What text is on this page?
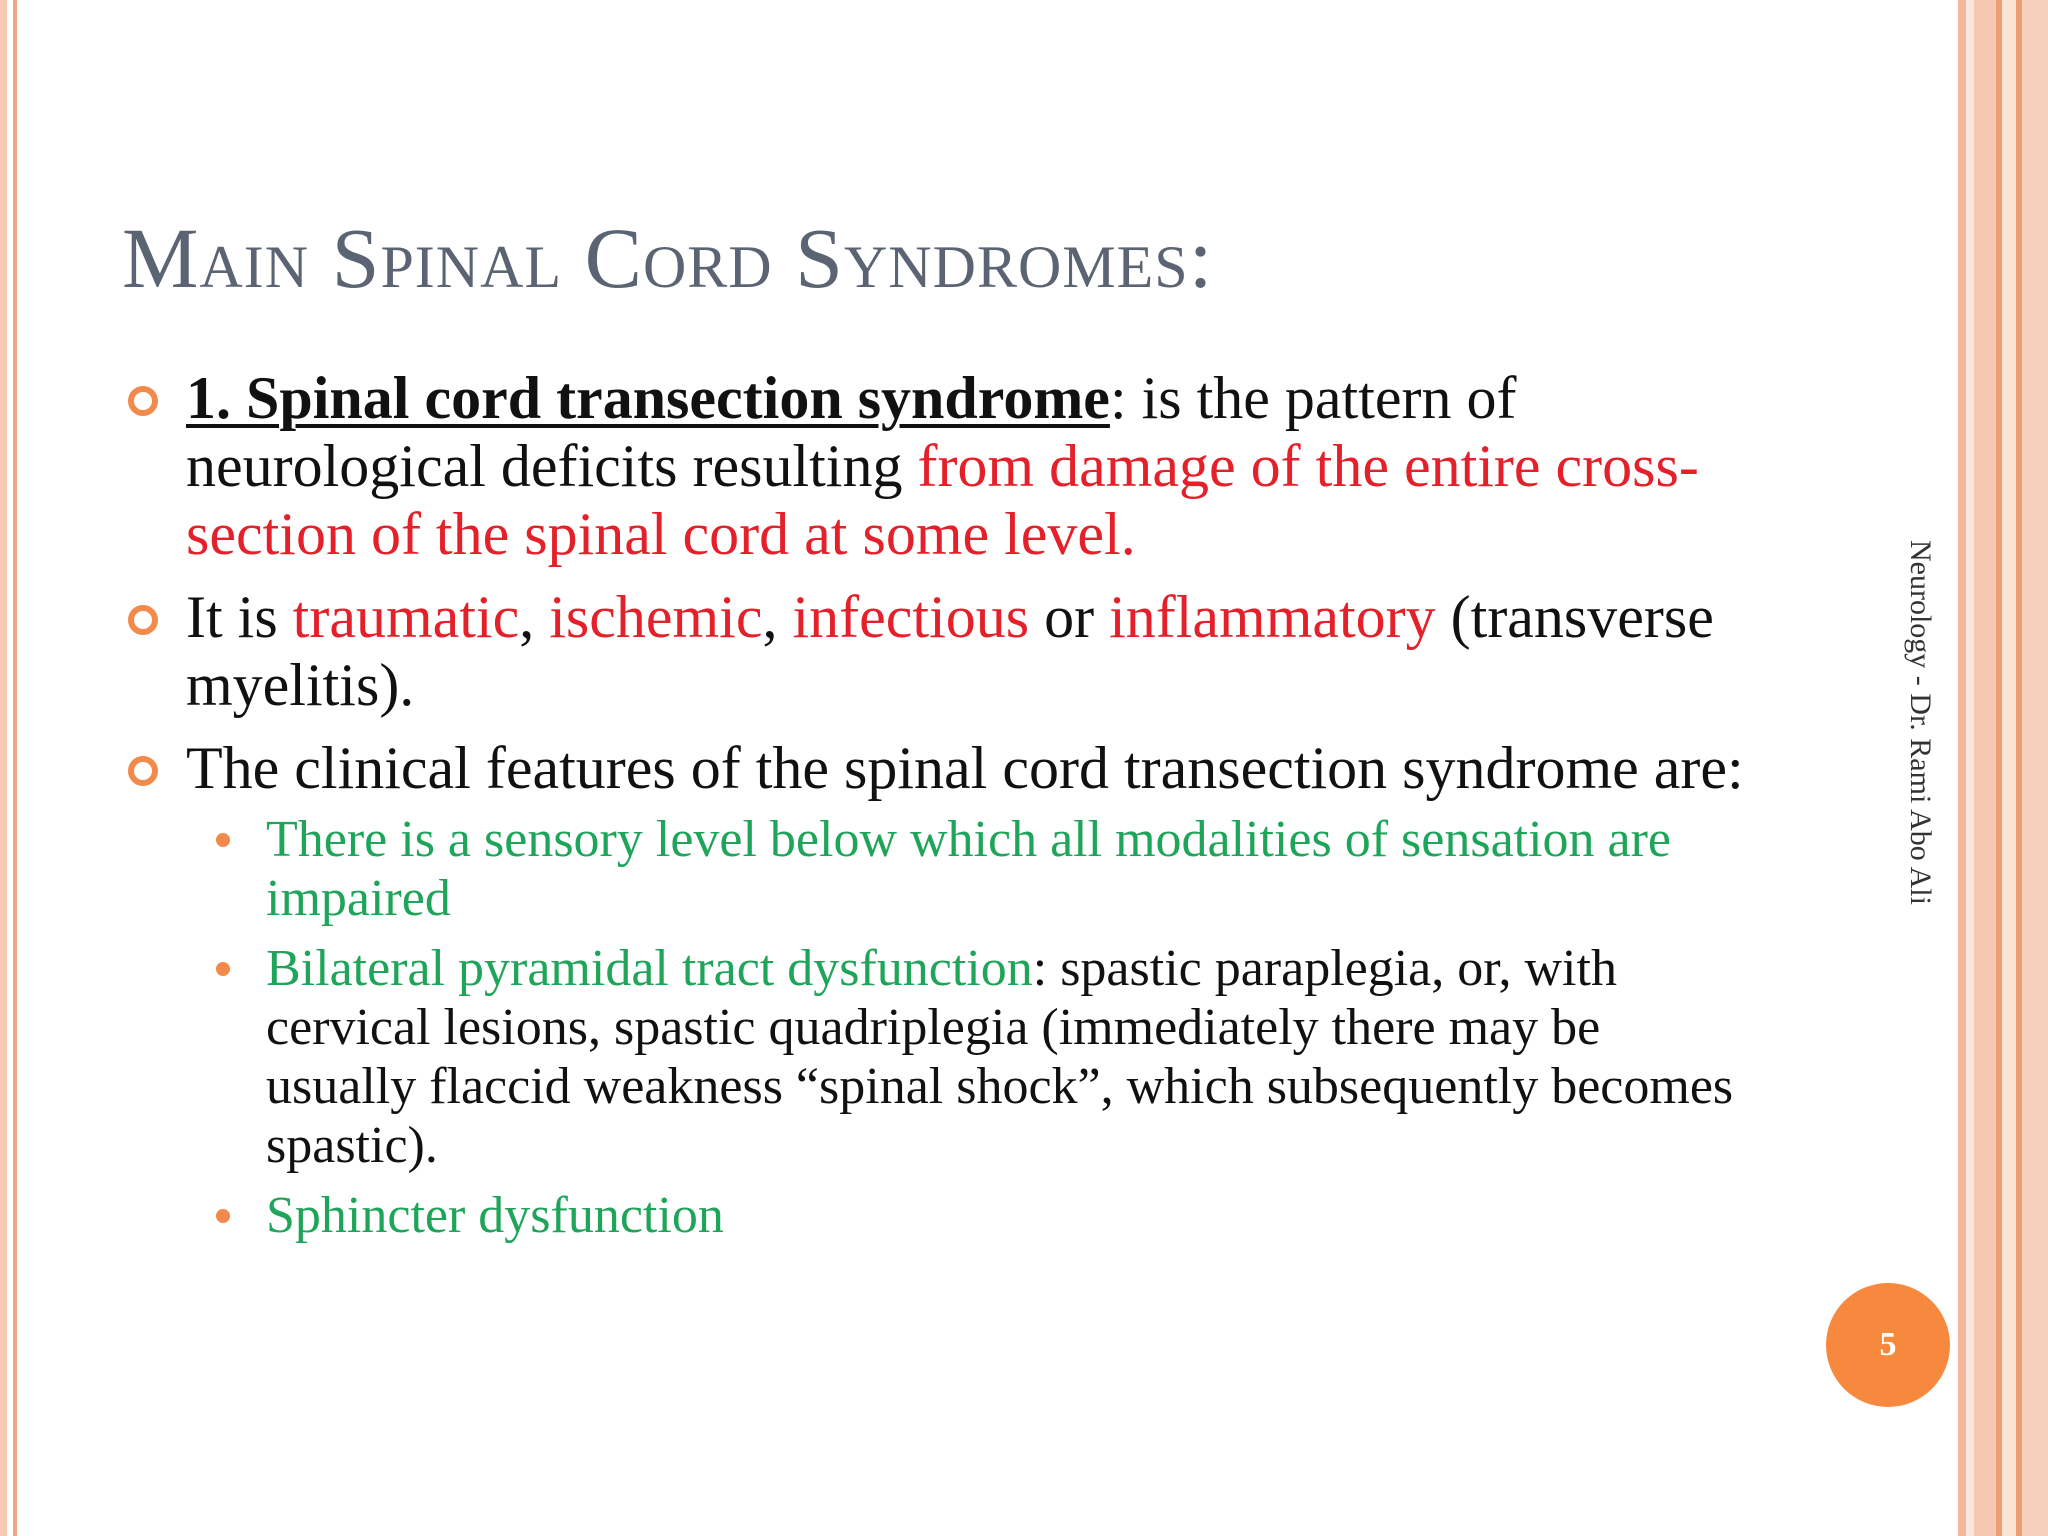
Main Spinal Cord Syndromes:
1. Spinal cord transection syndrome: is the pattern of neurological deficits resulting from damage of the entire cross-section of the spinal cord at some level.
It is traumatic, ischemic, infectious or inflammatory (transverse myelitis).
The clinical features of the spinal cord transection syndrome are:
There is a sensory level below which all modalities of sensation are impaired
Bilateral pyramidal tract dysfunction: spastic paraplegia, or, with cervical lesions, spastic quadriplegia (immediately there may be usually flaccid weakness “spinal shock”, which subsequently becomes spastic).
Sphincter dysfunction
Neurology - Dr. Rami Abo Ali
5
